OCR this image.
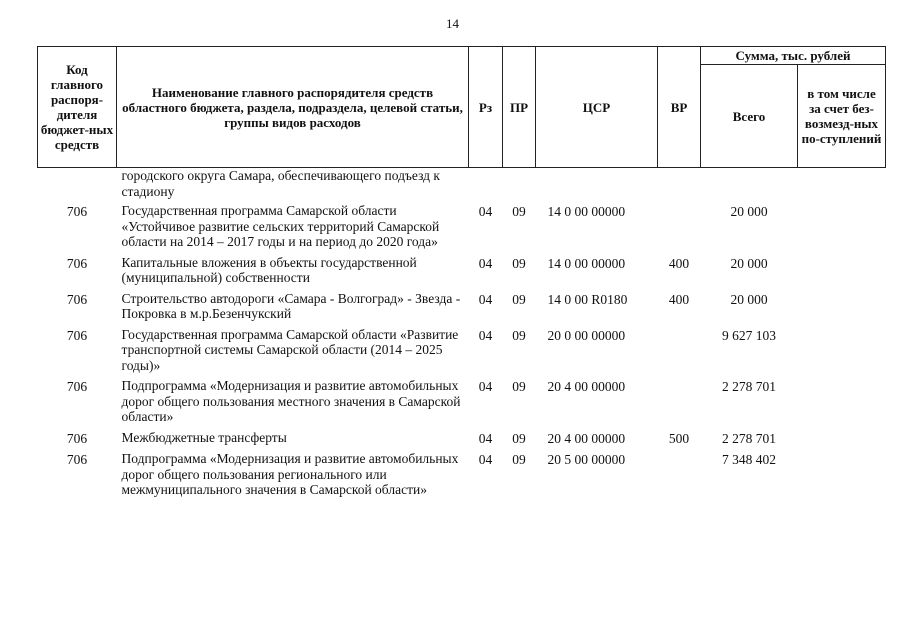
14
Код главного распоря-дителя бюджет-ных средств	Наименование главного распорядителя средств областного бюджета, раздела, подраздела, целевой статьи, группы видов расходов	Рз	ПР	ЦСР	ВР	Сумма, тыс. рублей	
						Всего	в том числе за счет без-возмезд-ных по-ступлений
	городского округа Самара, обеспечивающего подъезд к стадиону						
706	Государственная программа Самарской области «Устойчивое развитие сельских территорий Самарской области на 2014 – 2017 годы и на период до 2020 года»	04	09	14 0 00 00000		20 000	
706	Капитальные вложения в объекты государственной (муниципальной) собственности	04	09	14 0 00 00000	400	20 000	
706	Строительство автодороги «Самара - Волгоград» - Звезда - Покровка в м.р.Безенчукский	04	09	14 0 00 R0180	400	20 000	
706	Государственная программа Самарской области «Развитие транспортной системы Самарской области (2014 – 2025 годы)»	04	09	20 0 00 00000		9 627 103	
706	Подпрограмма «Модернизация и развитие автомобильных дорог общего пользования местного значения в Самарской области»	04	09	20 4 00 00000		2 278 701	
706	Межбюджетные трансферты	04	09	20 4 00 00000	500	2 278 701	
706	Подпрограмма «Модернизация и развитие автомобильных дорог общего пользования регионального или межмуниципального значения в Самарской области»	04	09	20 5 00 00000		7 348 402	
